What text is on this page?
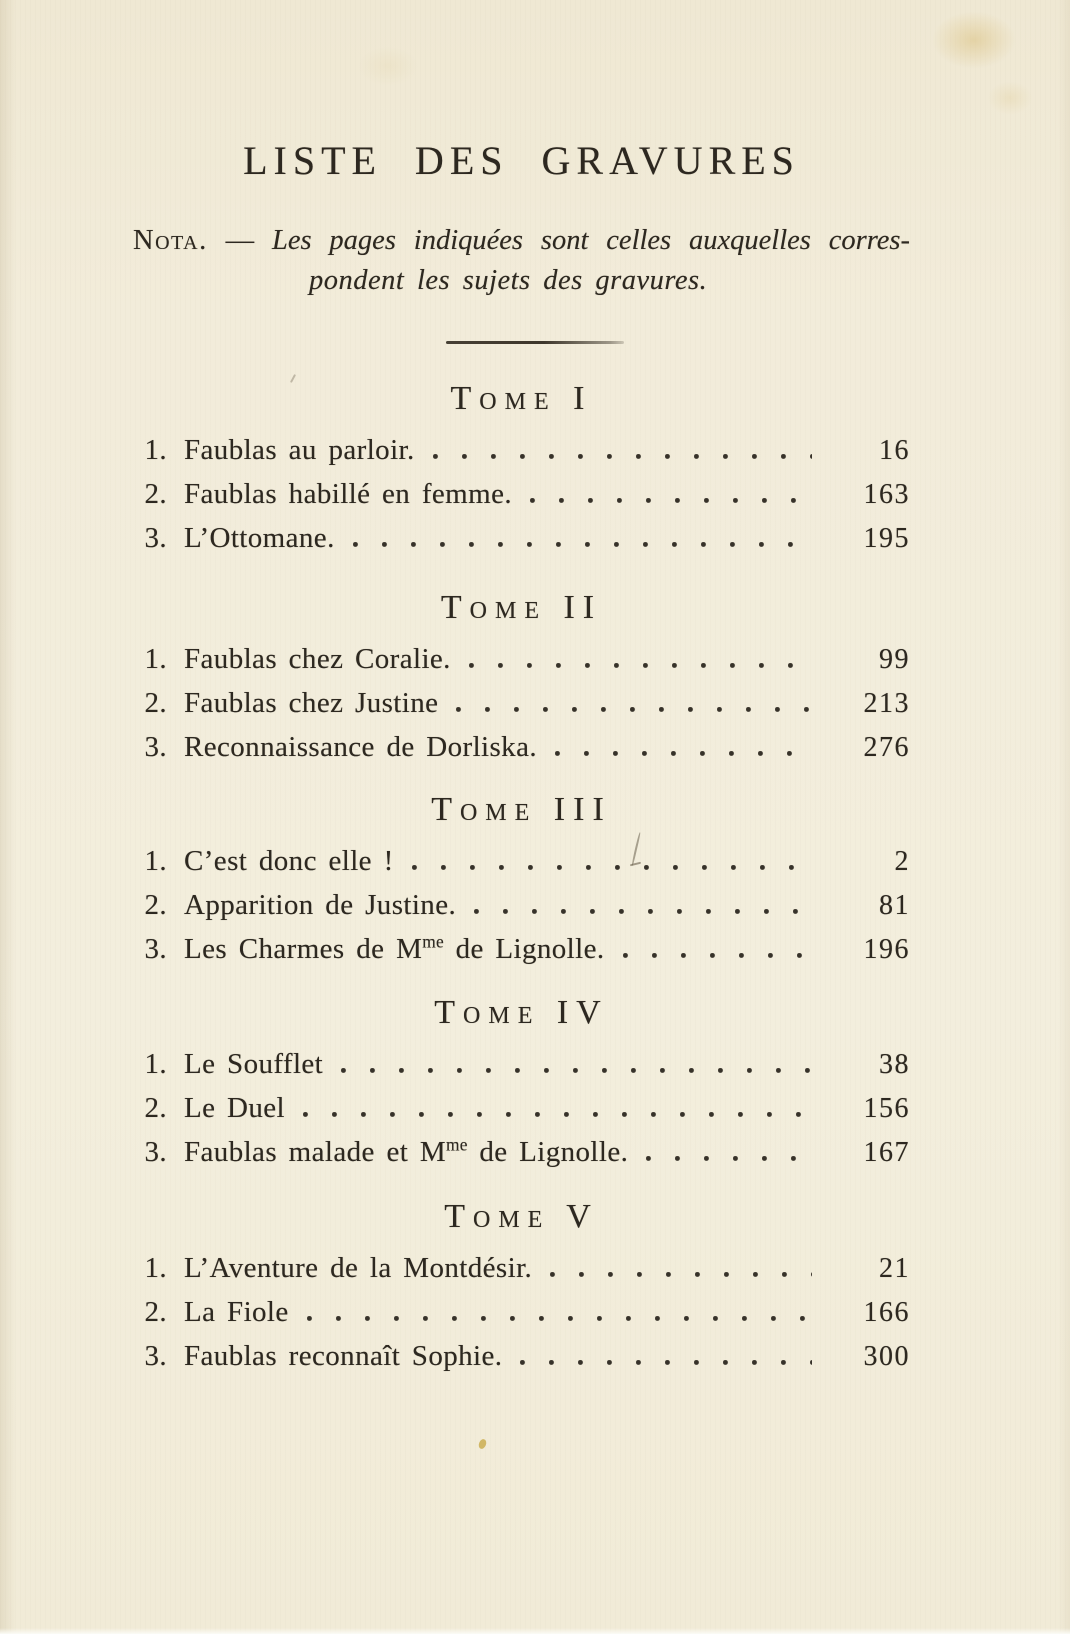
LISTE DES GRAVURES

Nota. — Les pages indiquées sont celles auxquelles corres-

pondent les sujets des gravures.

Tome I
1. Faublas au parloir.	16
2. Faublas habillé en femme.	163
3. L’Ottomane.	195
Tome II
1. Faublas chez Coralie.	99
2. Faublas chez Justine	213
3. Reconnaissance de Dorliska.	276
Tome III
1. C’est donc elle !	2
2. Apparition de Justine.	81
3. Les Charmes de $M^{me}$ de Lignolle.	196
Tome IV
1. Le Soufflet	38
2. Le Duel	156
3. Faublas malade et $M^{me}$ de Lignolle.	167
Tome V
1. L’Aventure de la Montdésir.	21
2. La Fiole	166
3. Faublas reconnaît Sophie.	300
